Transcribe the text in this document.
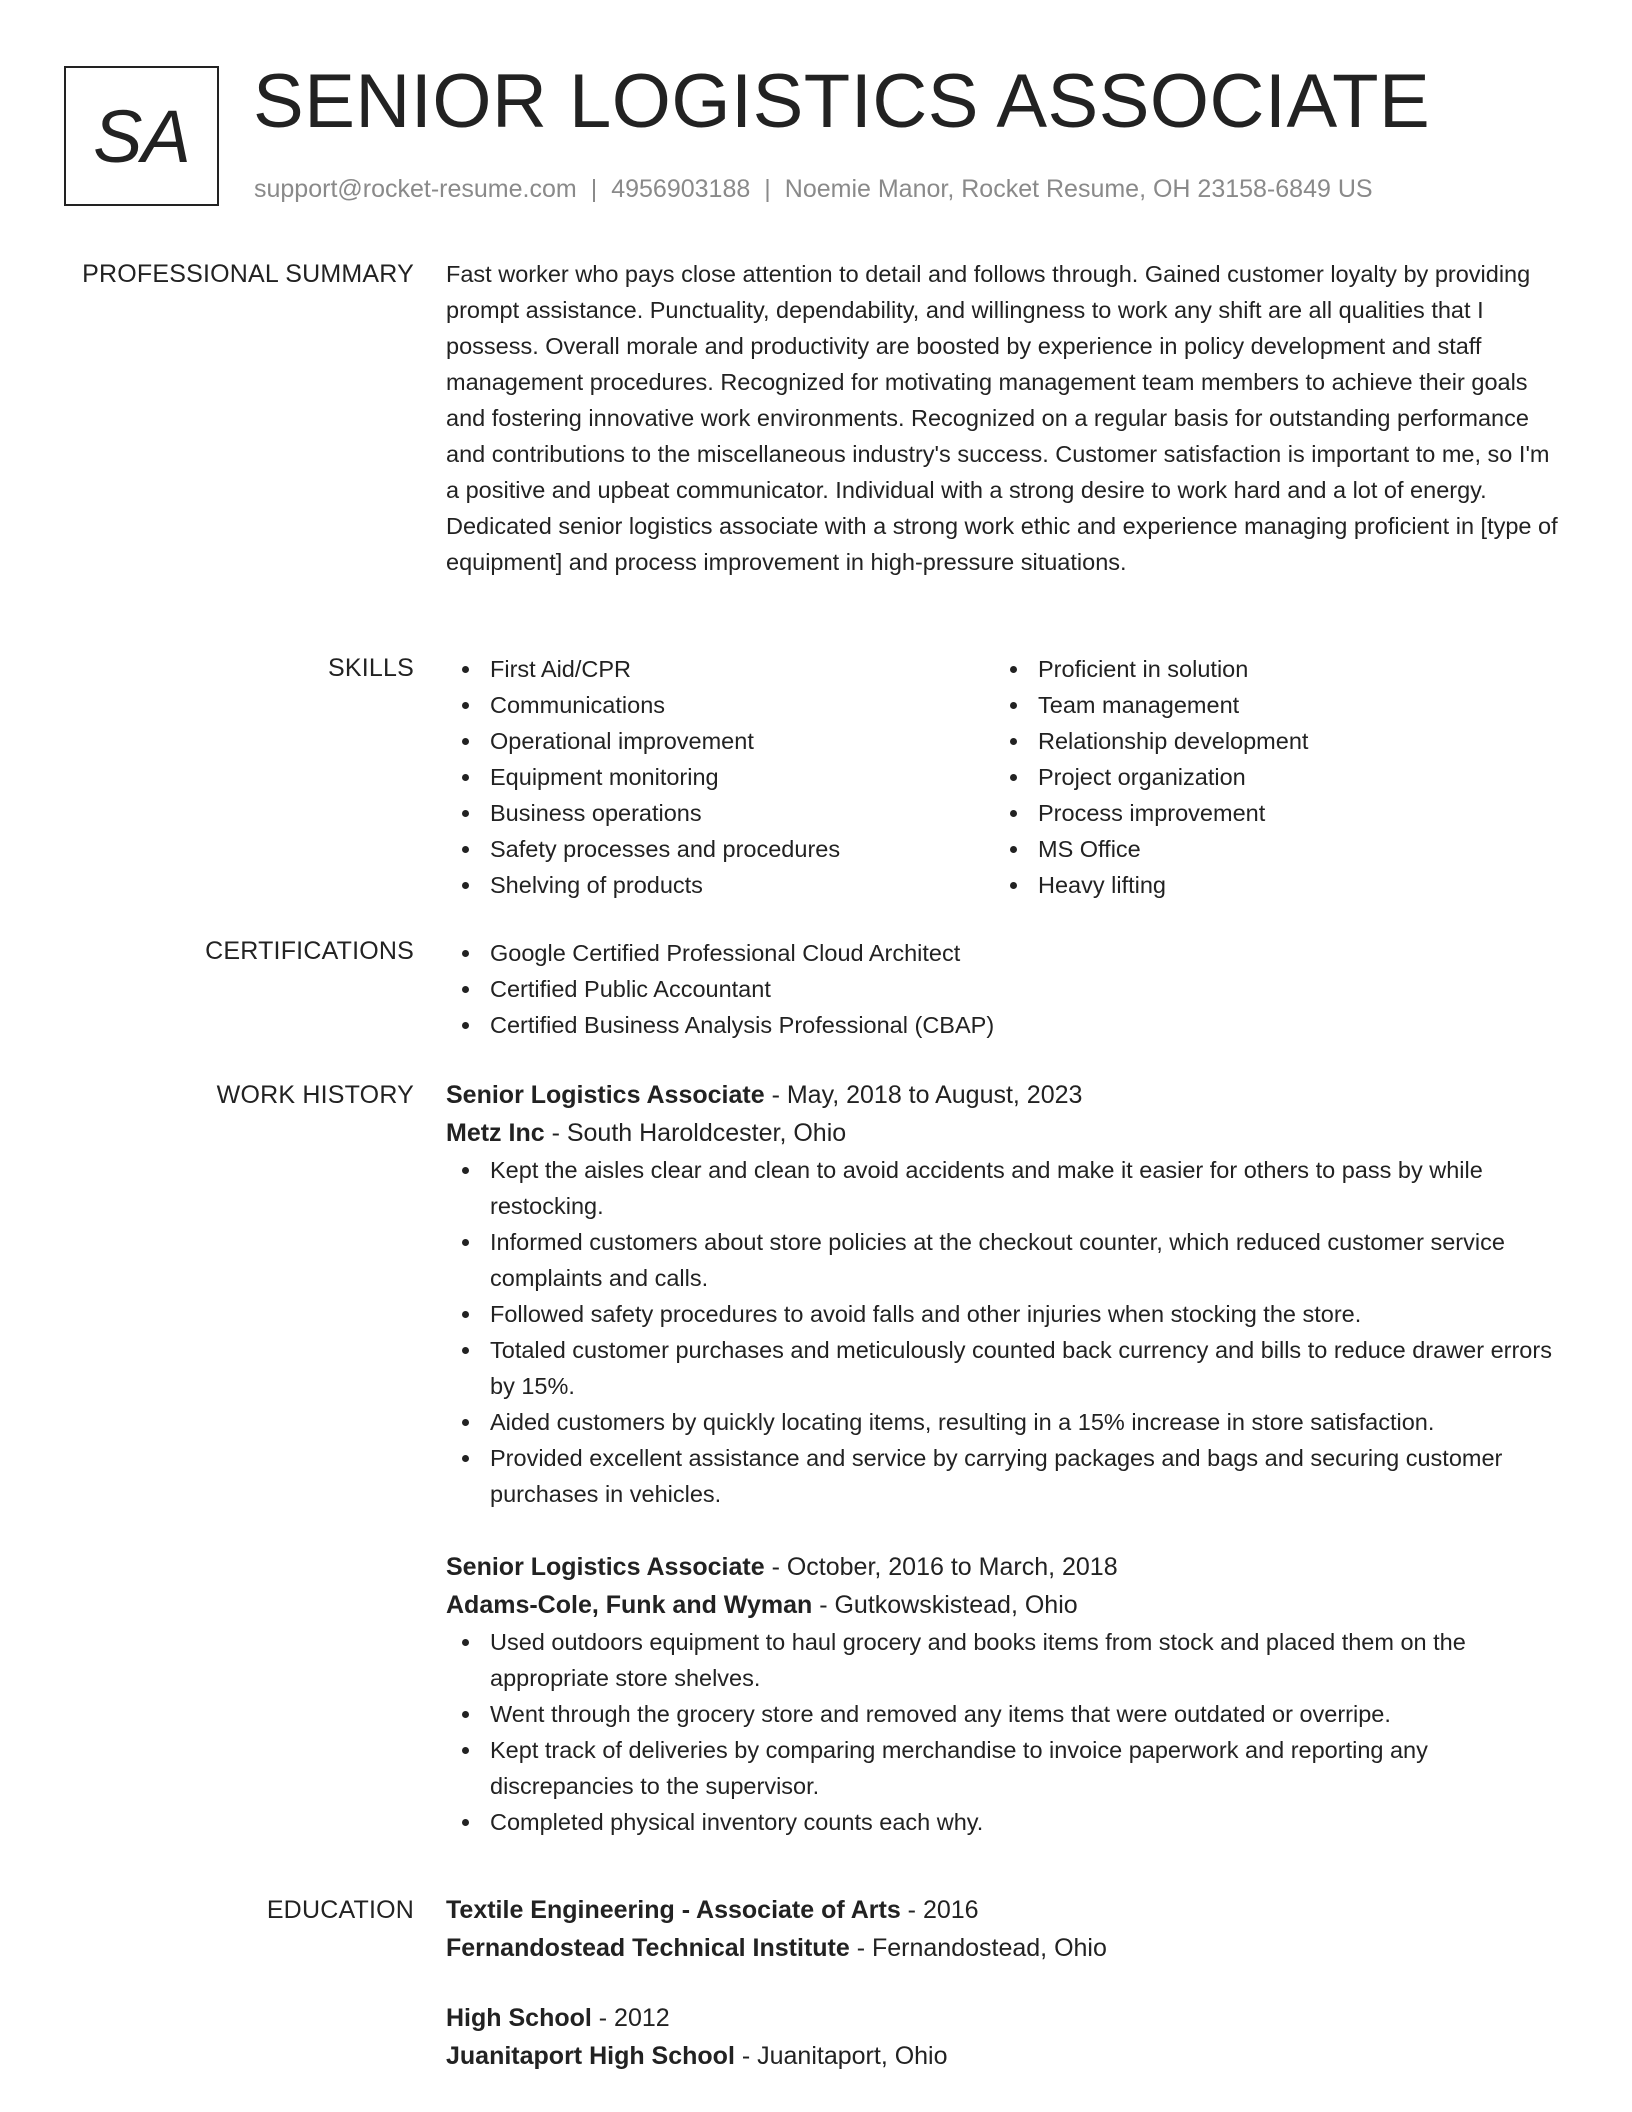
SA SENIOR LOGISTICS ASSOCIATE
support@rocket-resume.com | 4956903188 | Noemie Manor, Rocket Resume, OH 23158-6849 US
PROFESSIONAL SUMMARY Fast worker who pays close attention to detail and follows through. Gained customer loyalty by providing prompt assistance. Punctuality, dependability, and willingness to work any shift are all qualities that I possess. Overall morale and productivity are boosted by experience in policy development and staff management procedures. Recognized for motivating management team members to achieve their goals and fostering innovative work environments. Recognized on a regular basis for outstanding performance and contributions to the miscellaneous industry's success. Customer satisfaction is important to me, so I'm a positive and upbeat communicator. Individual with a strong desire to work hard and a lot of energy. Dedicated senior logistics associate with a strong work ethic and experience managing proficient in [type of equipment] and process improvement in high-pressure situations.

SKILLS	First Aid/CPR
Communications
Operational improvement
Equipment monitoring
Business operations
Safety processes and procedures
Shelving of products
Proficient in solution
Team management
Relationship development
Project organization
Process improvement
MS Office
Heavy lifting
CERTIFICATIONS	Google Certified Professional Cloud Architect
Certified Public Accountant
Certified Business Analysis Professional (CBAP)
WORK HISTORY Senior Logistics Associate - May, 2018 to August, 2023

Metz Inc - South Haroldcester, Ohio

Kept the aisles clear and clean to avoid accidents and make it easier for others to pass by while restocking.
Informed customers about store policies at the checkout counter, which reduced customer service complaints and calls.
Followed safety procedures to avoid falls and other injuries when stocking the store.
Totaled customer purchases and meticulously counted back currency and bills to reduce drawer errors by 15%.
Aided customers by quickly locating items, resulting in a 15% increase in store satisfaction.
Provided excellent assistance and service by carrying packages and bags and securing customer purchases in vehicles.

Senior Logistics Associate - October, 2016 to March, 2018

Adams-Cole, Funk and Wyman - Gutkowskistead, Ohio

Used outdoors equipment to haul grocery and books items from stock and placed them on the appropriate store shelves.
Went through the grocery store and removed any items that were outdated or overripe.
Kept track of deliveries by comparing merchandise to invoice paperwork and reporting any discrepancies to the supervisor.
Completed physical inventory counts each why.
EDUCATION Textile Engineering - Associate of Arts - 2016

Fernandostead Technical Institute - Fernandostead, Ohio

High School - 2012

Juanitaport High School - Juanitaport, Ohio
